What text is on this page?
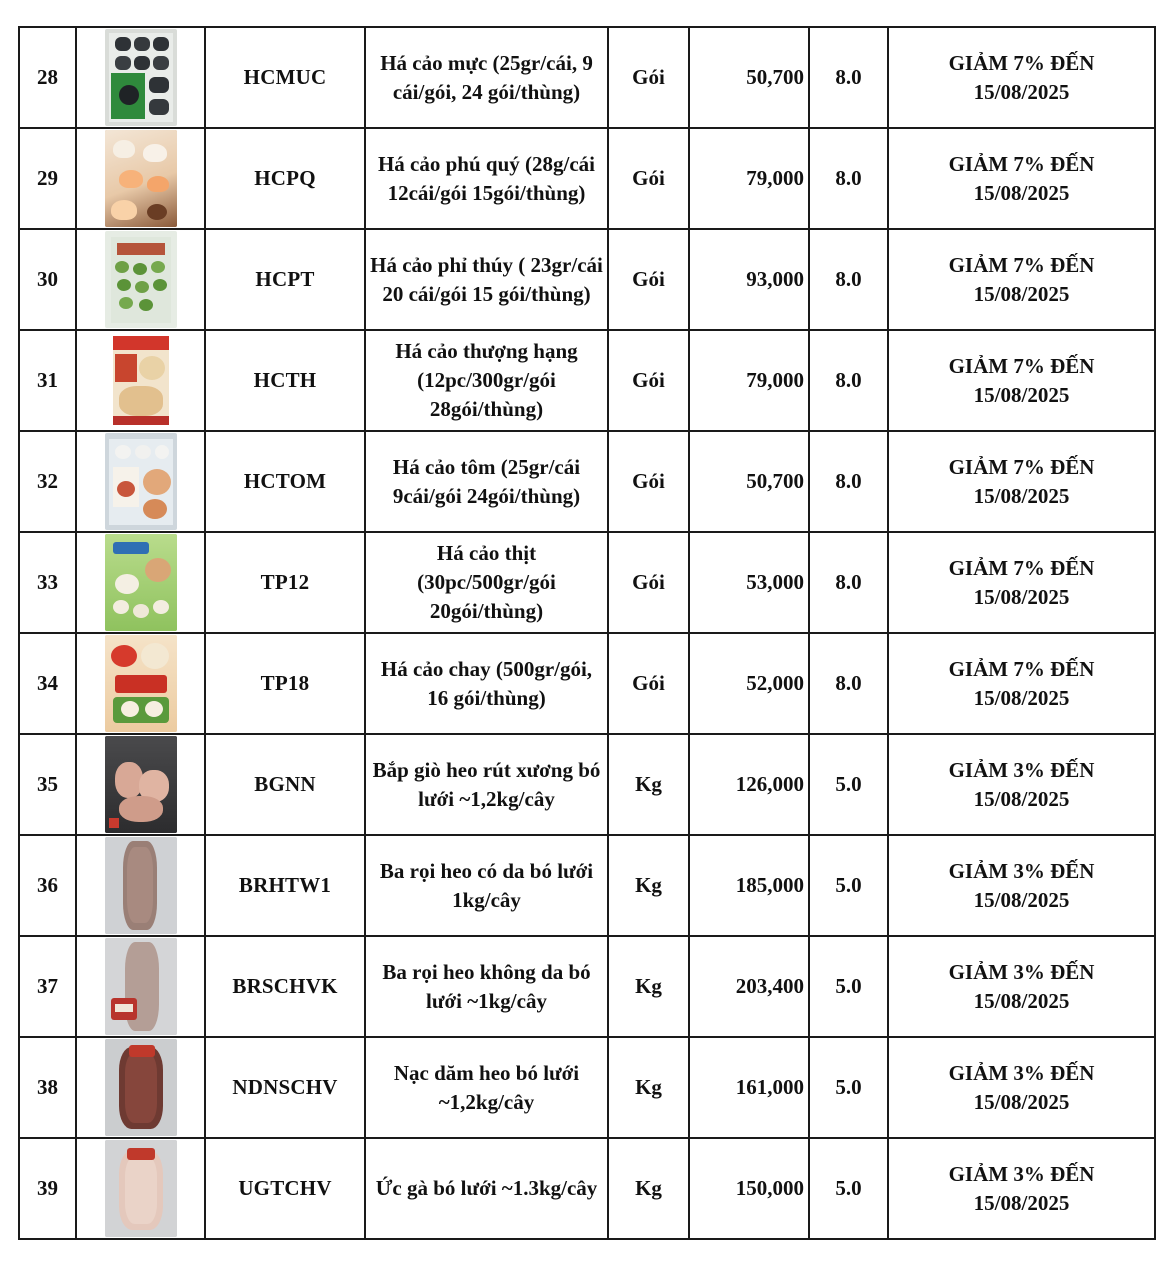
28		HCMUC	Há cảo mực (25gr/cái, 9 cái/gói, 24 gói/thùng)	Gói	50,700	8.0	GIẢM 7% ĐẾN
15/08/2025

29		HCPQ	Há cảo phú quý (28g/cái 12cái/gói 15gói/thùng)	Gói	79,000	8.0	GIẢM 7% ĐẾN
15/08/2025

30		HCPT	Há cảo phỉ thúy ( 23gr/cái 20 cái/gói 15 gói/thùng)	Gói	93,000	8.0	GIẢM 7% ĐẾN
15/08/2025

31		HCTH	Há cảo thượng hạng (12pc/300gr/gói 28gói/thùng)	Gói	79,000	8.0	GIẢM 7% ĐẾN
15/08/2025

32		HCTOM	Há cảo tôm (25gr/cái 9cái/gói 24gói/thùng)	Gói	50,700	8.0	GIẢM 7% ĐẾN
15/08/2025

33		TP12	Há cảo thịt (30pc/500gr/gói 20gói/thùng)	Gói	53,000	8.0	GIẢM 7% ĐẾN
15/08/2025

34		TP18	Há cảo chay (500gr/gói, 16 gói/thùng)	Gói	52,000	8.0	GIẢM 7% ĐẾN
15/08/2025

35		BGNN	Bắp giò heo rút xương bó lưới ~1,2kg/cây	Kg	126,000	5.0	GIẢM 3% ĐẾN
15/08/2025

36		BRHTW1	Ba rọi heo có da bó lưới 1kg/cây	Kg	185,000	5.0	GIẢM 3% ĐẾN
15/08/2025

37		BRSCHVK	Ba rọi heo không da bó lưới ~1kg/cây	Kg	203,400	5.0	GIẢM 3% ĐẾN
15/08/2025

38		NDNSCHV	Nạc dăm heo bó lưới ~1,2kg/cây	Kg	161,000	5.0	GIẢM 3% ĐẾN
15/08/2025

39		UGTCHV	Ức gà bó lưới ~1.3kg/cây	Kg	150,000	5.0	GIẢM 3% ĐẾN
15/08/2025
